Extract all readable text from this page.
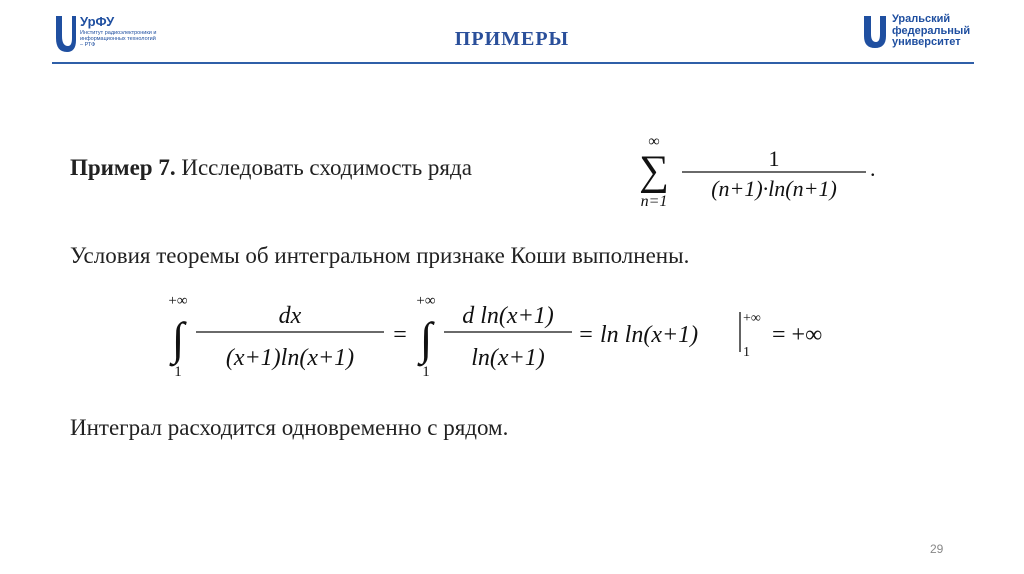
УрФУ
Институт радиоэлектроники и информационных технологий – РТФ	ПРИМЕРЫ
Уральский
федеральный
университет
Пример 7. Исследовать сходимость ряда
∞
∑
n=1
1
(n+1)·ln(n+1)
.
Условия теоремы об интегральном признаке Коши выполнены.
+∞
∫
1
dx
(x+1)ln(x+1)
=
+∞
∫
1
d ln(x+1)
ln(x+1)
= ln ln(x+1)
+∞
1
= +∞
Интеграл расходится одновременно с рядом.
29
